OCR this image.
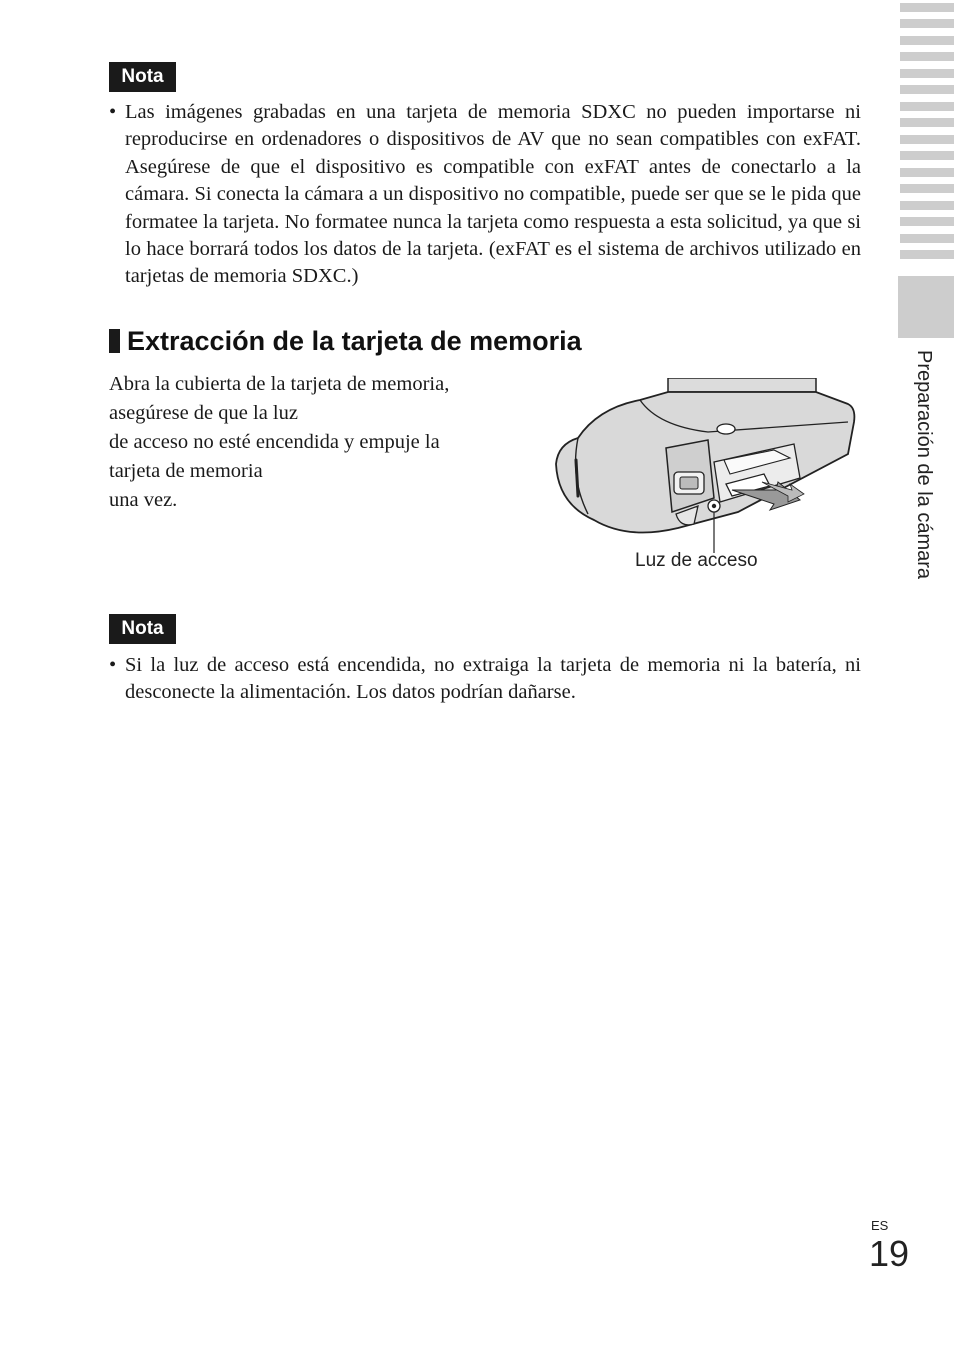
Preparación de la cámara
Nota
• Las imágenes grabadas en una tarjeta de memoria SDXC no pueden importarse ni reproducirse en ordenadores o dispositivos de AV que no sean compatibles con exFAT. Asegúrese de que el dispositivo es compatible con exFAT antes de conectarlo a la cámara. Si conecta la cámara a un dispositivo no compatible, puede ser que se le pida que formatee la tarjeta. No formatee nunca la tarjeta como respuesta a esta solicitud, ya que si lo hace borrará todos los datos de la tarjeta. (exFAT es el sistema de archivos utilizado en tarjetas de memoria SDXC.)
Extracción de la tarjeta de memoria
Abra la cubierta de la tarjeta de memoria,
asegúrese de que la luz
de acceso no esté encendida y empuje la
tarjeta de memoria
una vez.
Luz de acceso
Nota
• Si la luz de acceso está encendida, no extraiga la tarjeta de memoria ni la batería, ni desconecte la alimentación. Los datos podrían dañarse.
ES
19
